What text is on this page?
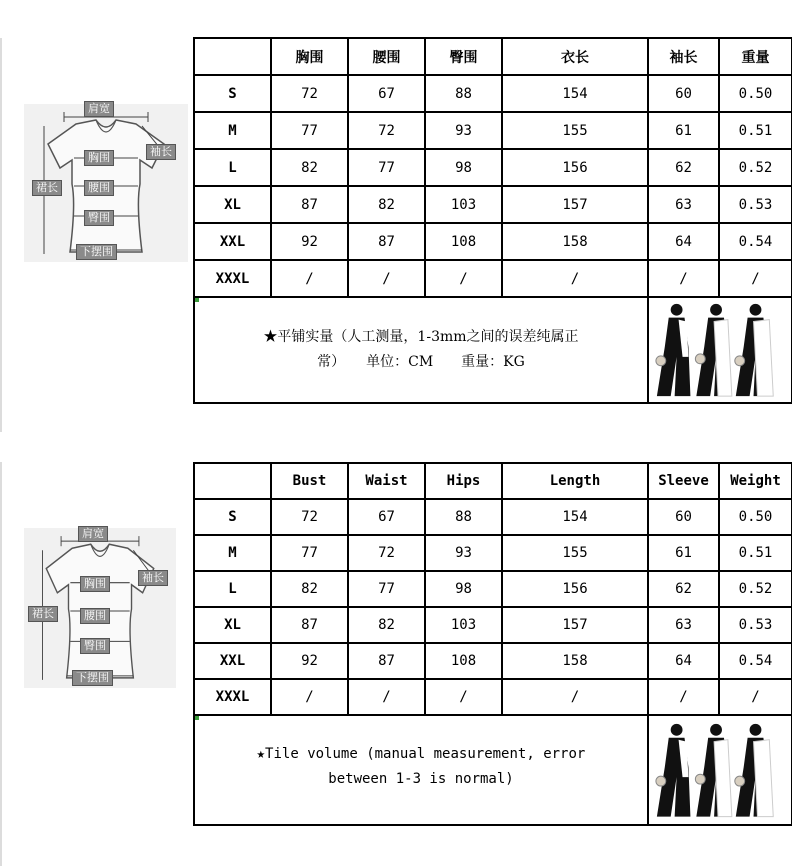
肩宽
袖长
胸围
裙长	腰围
臀围
下摆围
	胸围	腰围	臀围	衣长	袖长	重量
S	72	67	88	154	60	0.50
M	77	72	93	155	61	0.51
L	82	77	98	156	62	0.52
XL	87	82	103	157	63	0.53
XXL	92	87	108	158	64	0.54
XXXL	/	/	/	/	/	/

★平铺实量（人工测量，1-3mm之间的误差纯属正
常）　　单位：CM　　重量：KG

肩宽
袖长
胸围
裙长	腰围
臀围
下摆围
	Bust	Waist	Hips	Length	Sleeve	Weight
S	72	67	88	154	60	0.50
M	77	72	93	155	61	0.51
L	82	77	98	156	62	0.52
XL	87	82	103	157	63	0.53
XXL	92	87	108	158	64	0.54
XXXL	/	/	/	/	/	/

★Tile volume (manual measurement, error
between 1-3 is normal)
